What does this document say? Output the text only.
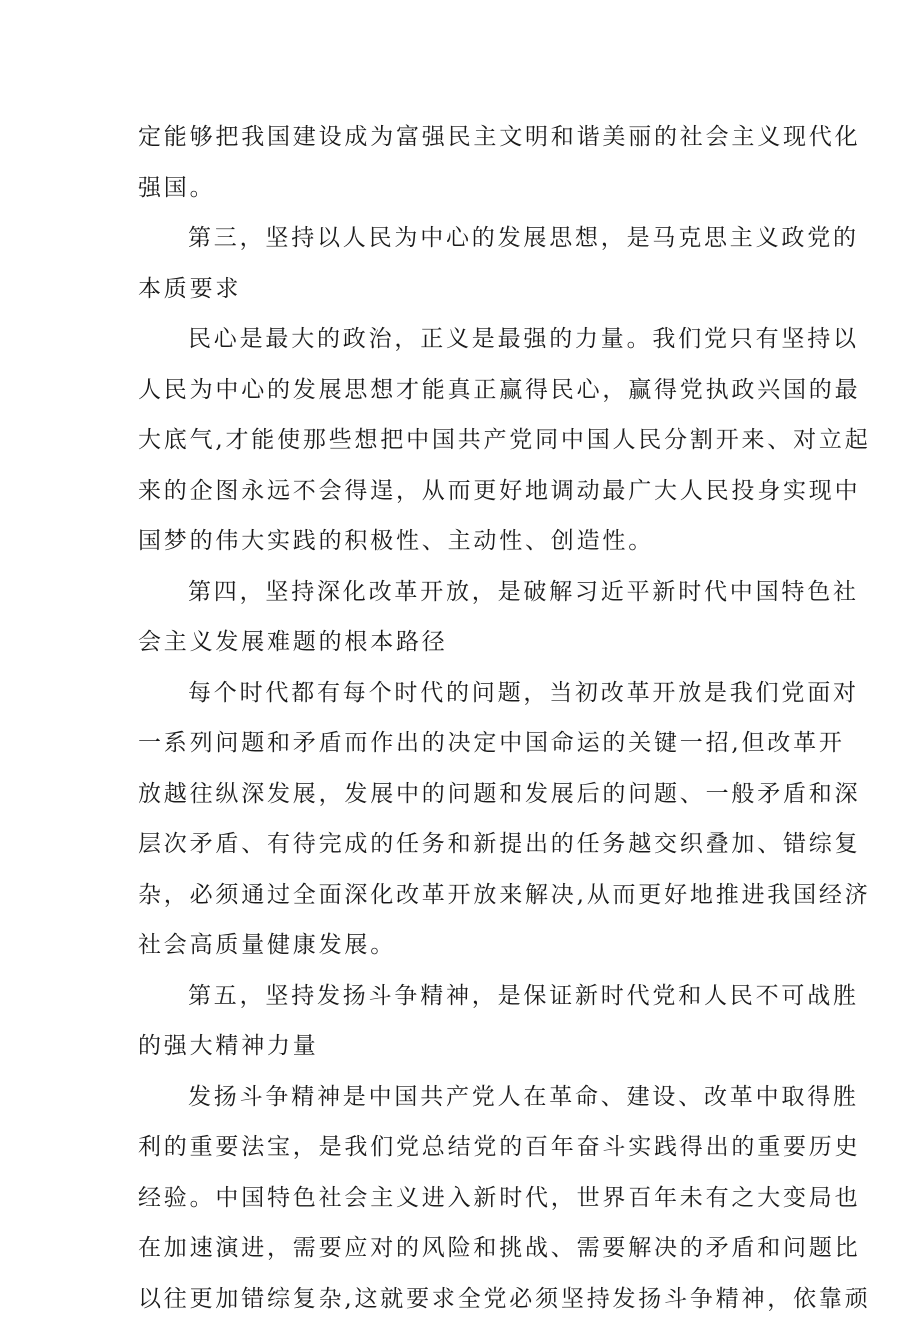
定能够把我国建设成为富强民主文明和谐美丽的社会主义现代化
强国。
第三，坚持以人民为中心的发展思想，是马克思主义政党的
本质要求
民心是最大的政治，正义是最强的力量。我们党只有坚持以
人民为中心的发展思想才能真正赢得民心，赢得党执政兴国的最
大底气,才能使那些想把中国共产党同中国人民分割开来、对立起
来的企图永远不会得逞，从而更好地调动最广大人民投身实现中
国梦的伟大实践的积极性、主动性、创造性。
第四，坚持深化改革开放，是破解习近平新时代中国特色社
会主义发展难题的根本路径
每个时代都有每个时代的问题，当初改革开放是我们党面对
一系列问题和矛盾而作出的决定中国命运的关键一招,但改革开
放越往纵深发展，发展中的问题和发展后的问题、一般矛盾和深
层次矛盾、有待完成的任务和新提出的任务越交织叠加、错综复
杂，必须通过全面深化改革开放来解决,从而更好地推进我国经济
社会高质量健康发展。
第五，坚持发扬斗争精神，是保证新时代党和人民不可战胜
的强大精神力量
发扬斗争精神是中国共产党人在革命、建设、改革中取得胜
利的重要法宝，是我们党总结党的百年奋斗实践得出的重要历史
经验。中国特色社会主义进入新时代，世界百年未有之大变局也
在加速演进，需要应对的风险和挑战、需要解决的矛盾和问题比
以往更加错综复杂,这就要求全党必须坚持发扬斗争精神，依靠顽
